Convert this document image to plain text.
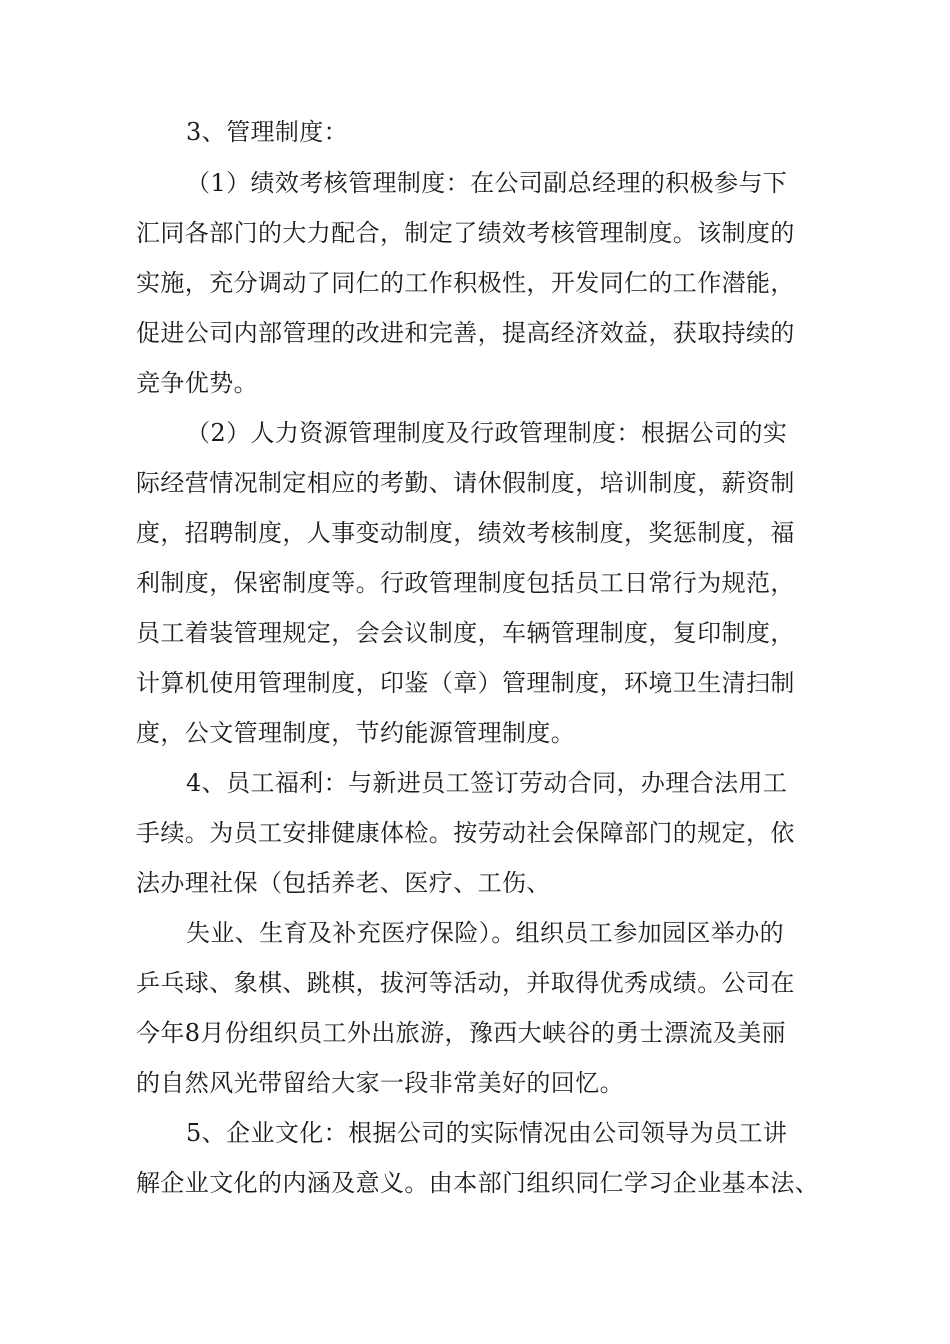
3、管理制度：
（1）绩效考核管理制度：在公司副总经理的积极参与下
汇同各部门的大力配合，制定了绩效考核管理制度。该制度的
实施，充分调动了同仁的工作积极性，开发同仁的工作潜能，
促进公司内部管理的改进和完善，提高经济效益，获取持续的
竞争优势。
（2）人力资源管理制度及行政管理制度：根据公司的实
际经营情况制定相应的考勤、请休假制度，培训制度，薪资制
度，招聘制度，人事变动制度，绩效考核制度，奖惩制度，福
利制度，保密制度等。行政管理制度包括员工日常行为规范，
员工着装管理规定，会会议制度，车辆管理制度，复印制度，
计算机使用管理制度，印鉴（章）管理制度，环境卫生清扫制
度，公文管理制度，节约能源管理制度。
4、员工福利：与新进员工签订劳动合同，办理合法用工
手续。为员工安排健康体检。按劳动社会保障部门的规定，依
法办理社保（包括养老、医疗、工伤、
失业、生育及补充医疗保险）。组织员工参加园区举办的
乒乓球、象棋、跳棋，拔河等活动，并取得优秀成绩。公司在
今年8月份组织员工外出旅游，豫西大峡谷的勇士漂流及美丽
的自然风光带留给大家一段非常美好的回忆。
5、企业文化：根据公司的实际情况由公司领导为员工讲
解企业文化的内涵及意义。由本部门组织同仁学习企业基本法、
